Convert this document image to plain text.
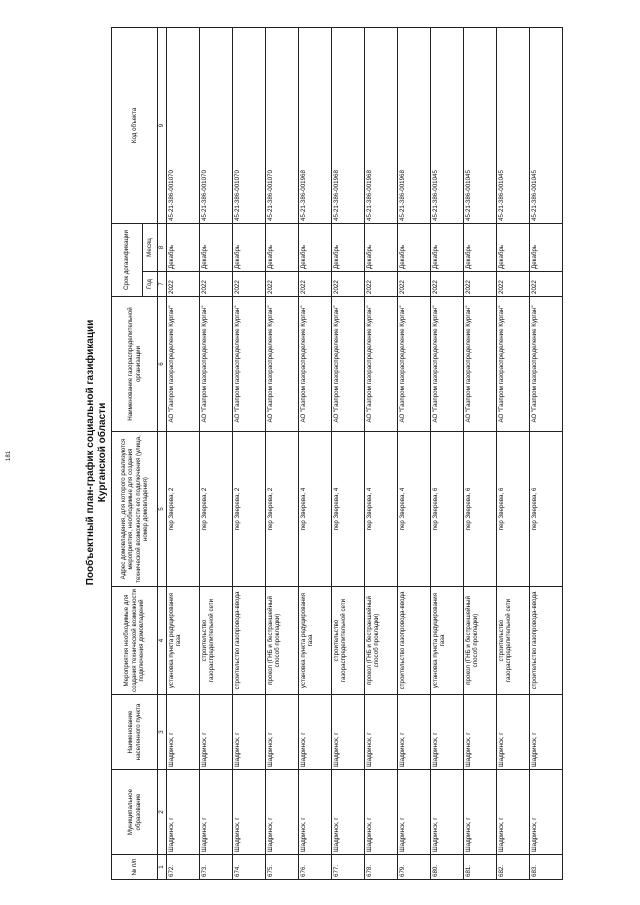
181	Пообъектный план-график социальной газификации Курганской области
№ п/п	Муниципальное образование	Наименование населенного пункта	Мероприятия необходимые для создания технической возможности подключения домовладений	Адрес домовладения, для которого реализуются мероприятия, необходимые для создания технической возможности его подключения (улица, номер домовладения)	Наименование газораспределительной организации	Срок догазификации		Код объекта
						Год	Месяц	
1	2	3	4	5	6	7	8	9
672.	Шадринск, г	Шадринск, г	установка пункта редуцирования газа	пер Зверева, 2	АО "Газпром газораспределение Курган"	2022	Декабрь	45-21-386-001070
673.	Шадринск, г	Шадринск, г	строительство газораспределительной сети	пер Зверева, 2	АО "Газпром газораспределение Курган"	2022	Декабрь	45-21-386-001070
674.	Шадринск, г	Шадринск, г	строительство газопровода-ввода	пер Зверева, 2	АО "Газпром газораспределение Курган"	2022	Декабрь	45-21-386-001070
675.	Шадринск, г	Шадринск, г	прокол (ГНБ и бестраншейный способ прокладки)	пер Зверева, 2	АО "Газпром газораспределение Курган"	2022	Декабрь	45-21-386-001070
676.	Шадринск, г	Шадринск, г	установка пункта редуцирования газа	пер Зверева, 4	АО "Газпром газораспределение Курган"	2022	Декабрь	45-21-386-001968
677.	Шадринск, г	Шадринск, г	строительство газораспределительной сети	пер Зверева, 4	АО "Газпром газораспределение Курган"	2022	Декабрь	45-21-386-001968
678.	Шадринск, г	Шадринск, г	прокол (ГНБ и бестраншейный способ прокладки)	пер Зверева, 4	АО "Газпром газораспределение Курган"	2022	Декабрь	45-21-386-001968
679.	Шадринск, г	Шадринск, г	строительство газопровода-ввода	пер Зверева, 4	АО "Газпром газораспределение Курган"	2022	Декабрь	45-21-386-001968
680.	Шадринск, г	Шадринск, г	установка пункта редуцирования газа	пер Зверева, 6	АО "Газпром газораспределение Курган"	2022	Декабрь	45-21-386-001045
681.	Шадринск, г	Шадринск, г	прокол (ГНБ и бестраншейный способ прокладки)	пер Зверева, 6	АО "Газпром газораспределение Курган"	2022	Декабрь	45-21-386-001045
682.	Шадринск, г	Шадринск, г	строительство газораспределительной сети	пер Зверева, 6	АО "Газпром газораспределение Курган"	2022	Декабрь	45-21-386-001045
683.	Шадринск, г	Шадринск, г	строительство газопровода-ввода	пер Зверева, 6	АО "Газпром газораспределение Курган"	2022	Декабрь	45-21-386-001045
